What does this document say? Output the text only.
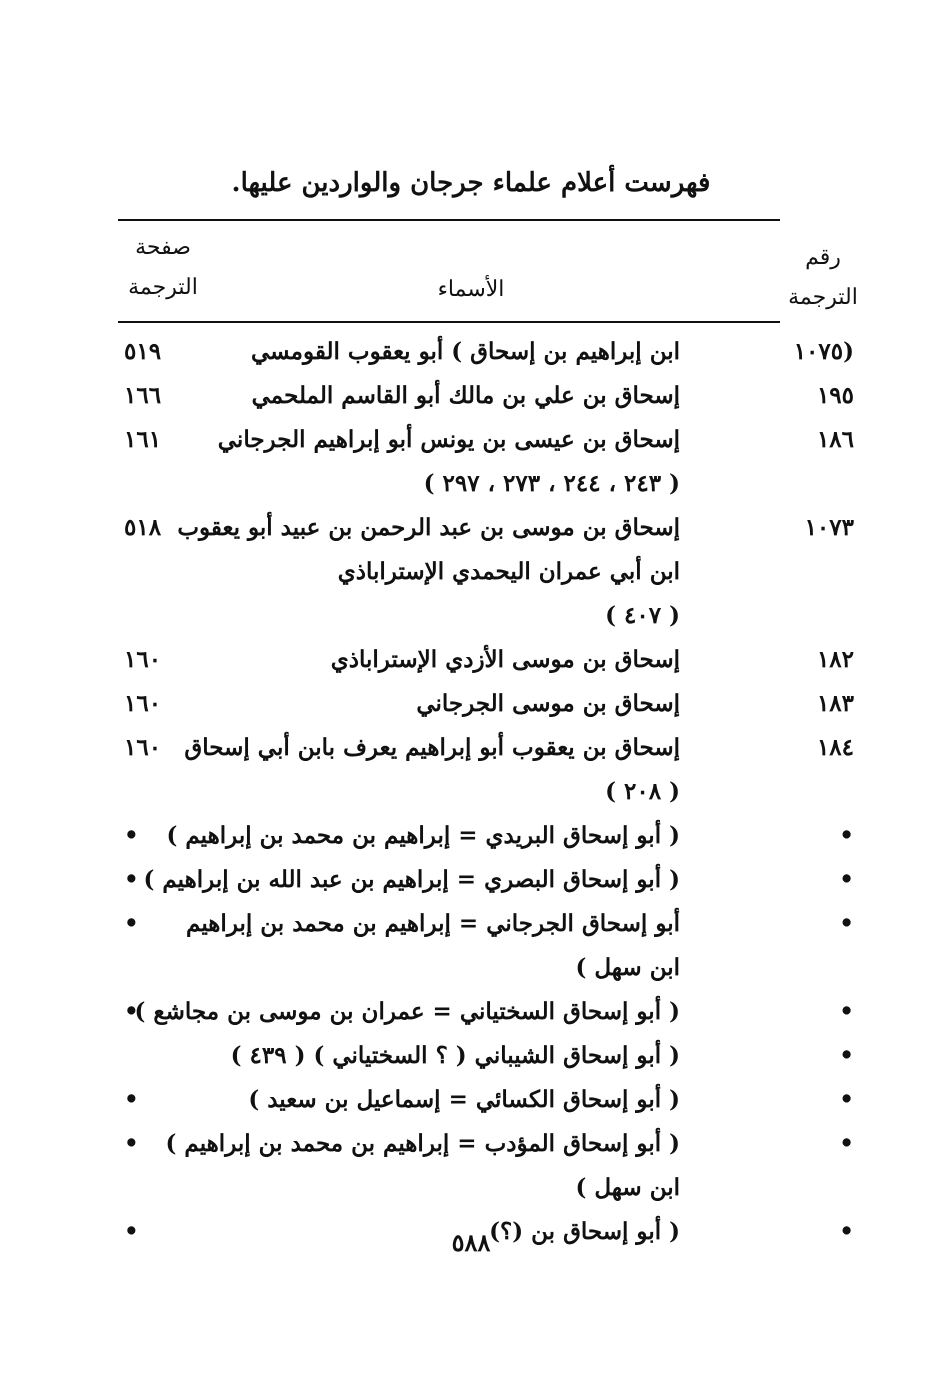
فهرست أعلام علماء جرجان والواردين عليها.
رقم
الترجمة
الأسماء
صفحة
الترجمة
(١٠٧٥
ابن إبراهيم بن إسحاق ) أبو يعقوب القومسي
٥١٩
١٩٥
إسحاق بن علي بن مالك أبو القاسم الملحمي
١٦٦
١٨٦
إسحاق بن عيسى بن يونس أبو إبراهيم الجرجاني
( ٢٤٣ ، ٢٤٤ ، ٢٧٣ ، ٢٩٧ )
١٦١
١٠٧٣
إسحاق بن موسى بن عبد الرحمن بن عبيد أبو يعقوب
ابن أبي عمران اليحمدي الإستراباذي
( ٤٠٧ )
٥١٨
١٨٢
إسحاق بن موسى الأزدي الإستراباذي
١٦٠
١٨٣
إسحاق بن موسى الجرجاني
١٦٠
١٨٤
إسحاق بن يعقوب أبو إبراهيم يعرف بابن أبي إسحاق
( ٢٠٨ )
١٦٠
•
( أبو إسحاق البريدي = إبراهيم بن محمد بن إبراهيم )
•
•
( أبو إسحاق البصري = إبراهيم بن عبد الله بن إبراهيم )
•
•
أبو إسحاق الجرجاني = إبراهيم بن محمد بن إبراهيم
ابن سهل )
•
•
( أبو إسحاق السختياني = عمران بن موسى بن مجاشع )
•
•
( أبو إسحاق الشيباني ( ؟ السختياني ) ( ٤٣٩ )
•
( أبو إسحاق الكسائي = إسماعيل بن سعيد )
•
•
( أبو إسحاق المؤدب = إبراهيم بن محمد بن إبراهيم )
ابن سهل )
•
•
( أبو إسحاق بن (؟)
•	٥٨٨
